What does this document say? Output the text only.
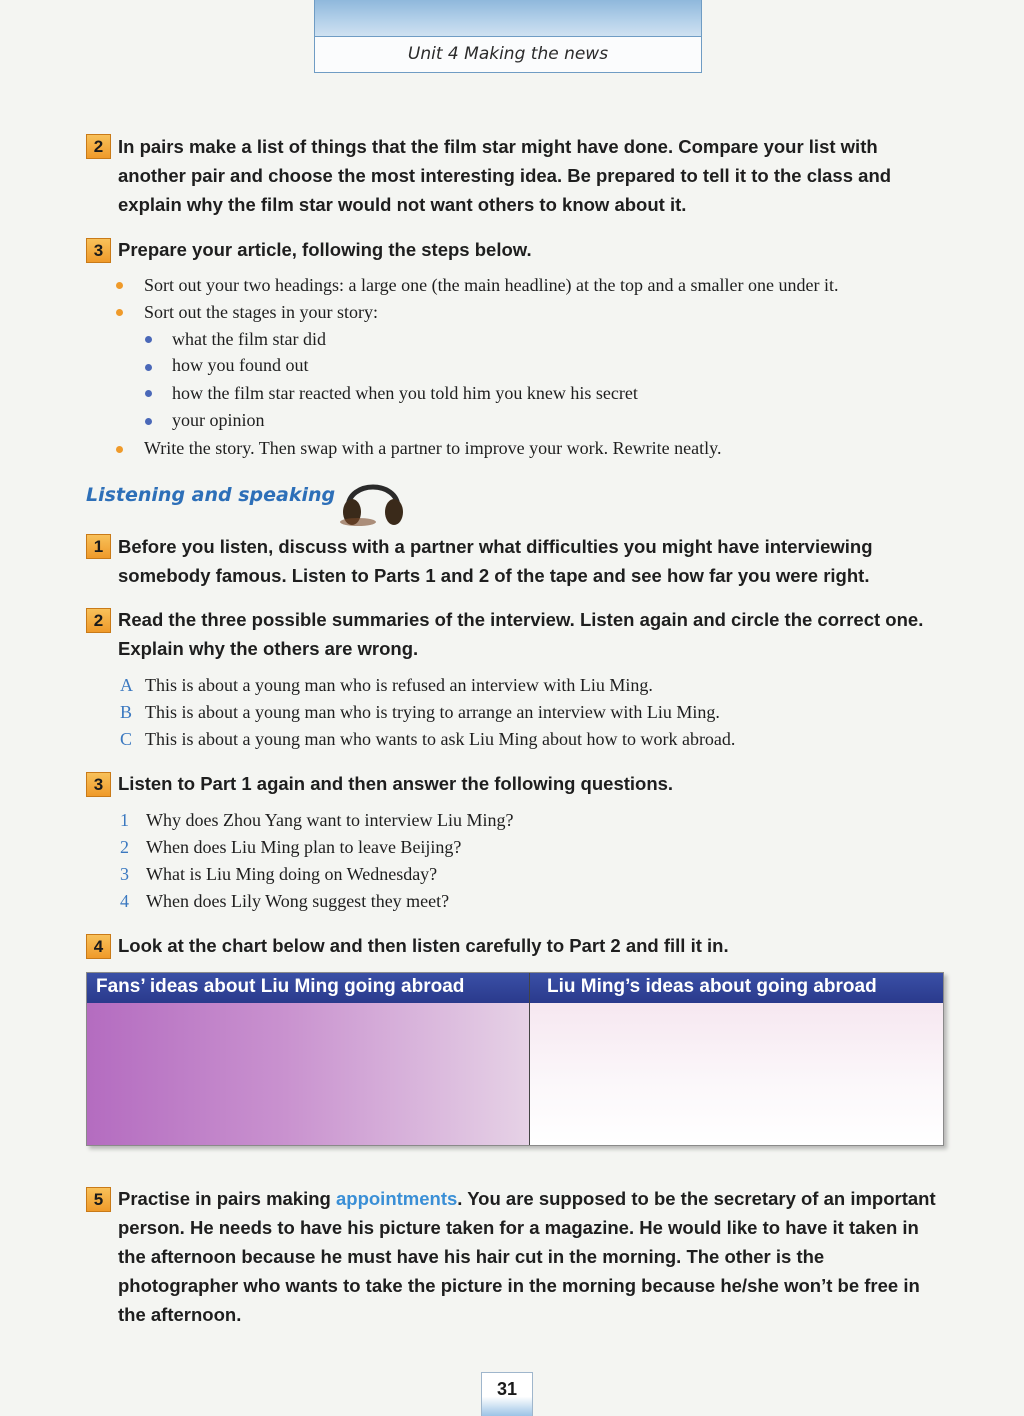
Unit 4 Making the news
2 In pairs make a list of things that the film star might have done. Compare your list with another pair and choose the most interesting idea. Be prepared to tell it to the class and explain why the film star would not want others to know about it.
3 Prepare your article, following the steps below.
Sort out your two headings: a large one (the main headline) at the top and a smaller one under it.
Sort out the stages in your story:
what the film star did
how you found out
how the film star reacted when you told him you knew his secret
your opinion
Write the story. Then swap with a partner to improve your work. Rewrite neatly.
Listening and speaking
1 Before you listen, discuss with a partner what difficulties you might have interviewing somebody famous. Listen to Parts 1 and 2 of the tape and see how far you were right.
2 Read the three possible summaries of the interview. Listen again and circle the correct one. Explain why the others are wrong.
A This is about a young man who is refused an interview with Liu Ming.
B This is about a young man who is trying to arrange an interview with Liu Ming.
C This is about a young man who wants to ask Liu Ming about how to work abroad.
3 Listen to Part 1 again and then answer the following questions.
1 Why does Zhou Yang want to interview Liu Ming?
2 When does Liu Ming plan to leave Beijing?
3 What is Liu Ming doing on Wednesday?
4 When does Lily Wong suggest they meet?
4 Look at the chart below and then listen carefully to Part 2 and fill it in.
Fans’ ideas about Liu Ming going abroad	Liu Ming’s ideas about going abroad
5 Practise in pairs making appointments. You are supposed to be the secretary of an important person. He needs to have his picture taken for a magazine. He would like to have it taken in the afternoon because he must have his hair cut in the morning. The other is the photographer who wants to take the picture in the morning because he/she won’t be free in the afternoon.
31
